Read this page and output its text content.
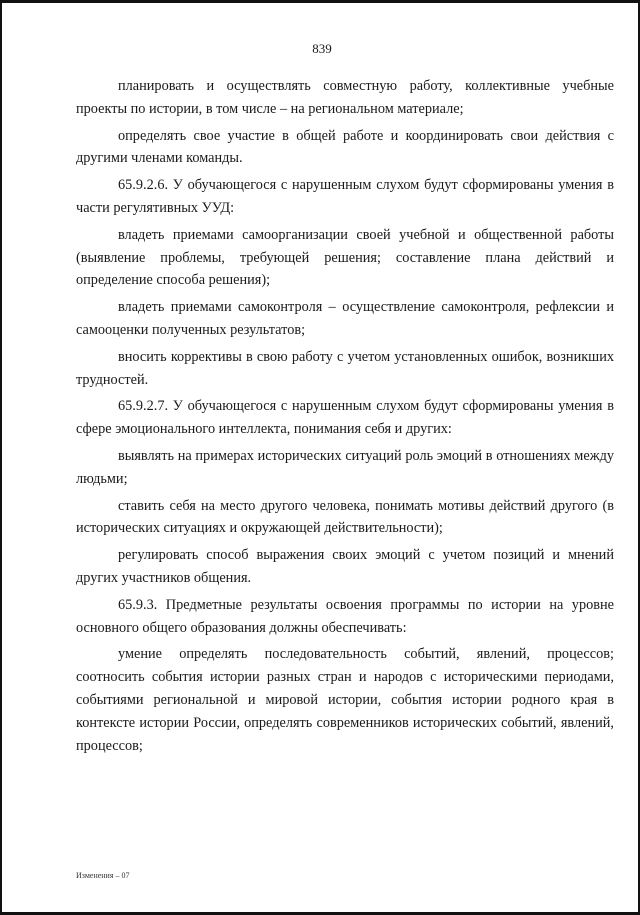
839

планировать и осуществлять совместную работу, коллективные учебные проекты по истории, в том числе – на региональном материале;

определять свое участие в общей работе и координировать свои действия с другими членами команды.

65.9.2.6. У обучающегося с нарушенным слухом будут сформированы умения в части регулятивных УУД:

владеть приемами самоорганизации своей учебной и общественной работы (выявление проблемы, требующей решения; составление плана действий и определение способа решения);

владеть приемами самоконтроля – осуществление самоконтроля, рефлексии и самооценки полученных результатов;

вносить коррективы в свою работу с учетом установленных ошибок, возникших трудностей.

65.9.2.7. У обучающегося с нарушенным слухом будут сформированы умения в сфере эмоционального интеллекта, понимания себя и других:

выявлять на примерах исторических ситуаций роль эмоций в отношениях между людьми;

ставить себя на место другого человека, понимать мотивы действий другого (в исторических ситуациях и окружающей действительности);

регулировать способ выражения своих эмоций с учетом позиций и мнений других участников общения.

65.9.3. Предметные результаты освоения программы по истории на уровне основного общего образования должны обеспечивать:

умение определять последовательность событий, явлений, процессов; соотносить события истории разных стран и народов с историческими периодами, событиями региональной и мировой истории, события истории родного края в контексте истории России, определять современников исторических событий, явлений, процессов;

Изменения – 07
